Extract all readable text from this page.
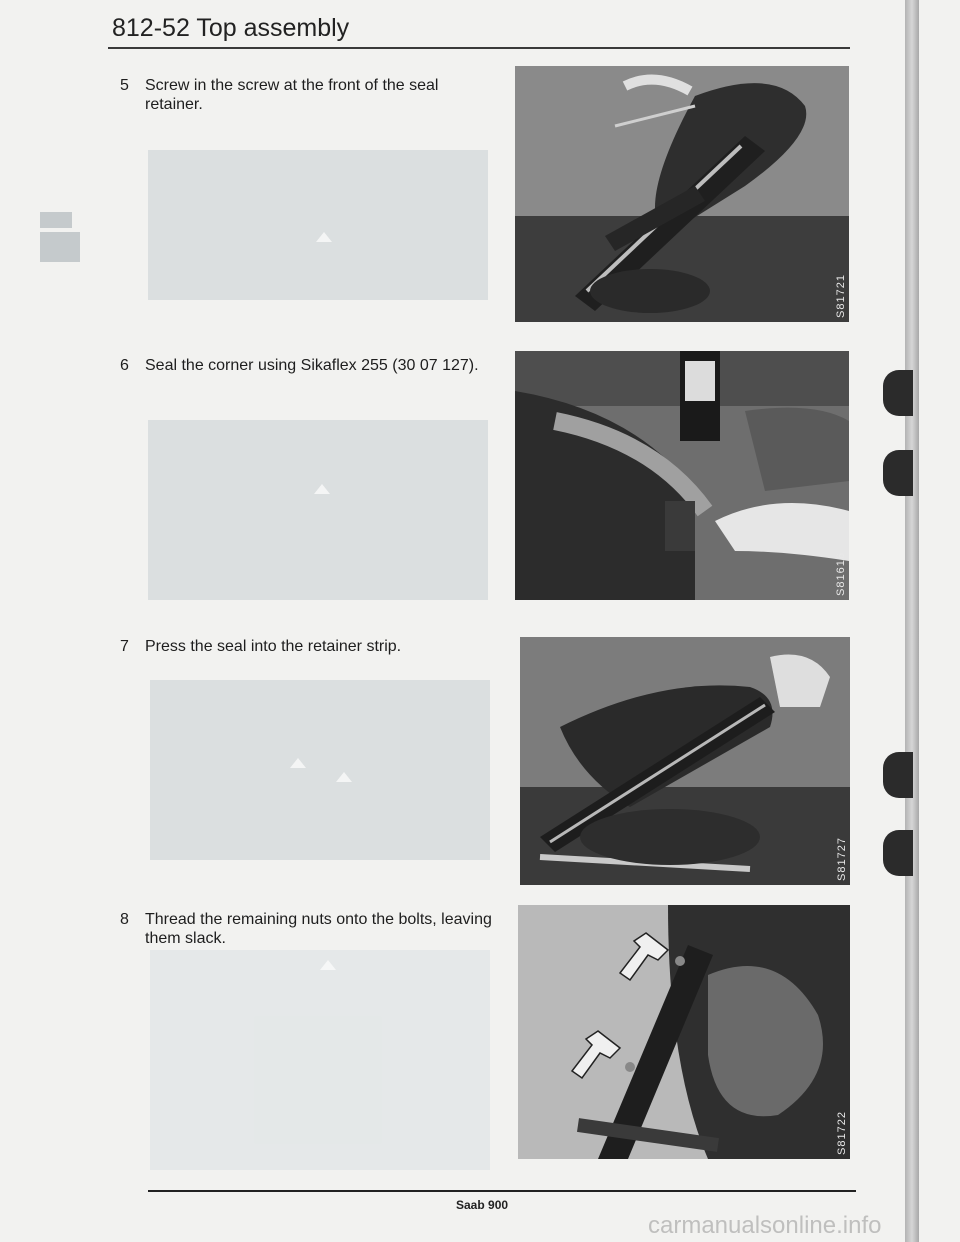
812-52 Top assembly
5	Screw in the screw at the front of the seal retainer.
S81721
6	Seal the corner using Sikaflex 255 (30 07 127).
S81616
7	Press the seal into the retainer strip.
S81727
8	Thread the remaining nuts onto the bolts, leaving them slack.
S81722
Saab 900
carmanualsonline.info
